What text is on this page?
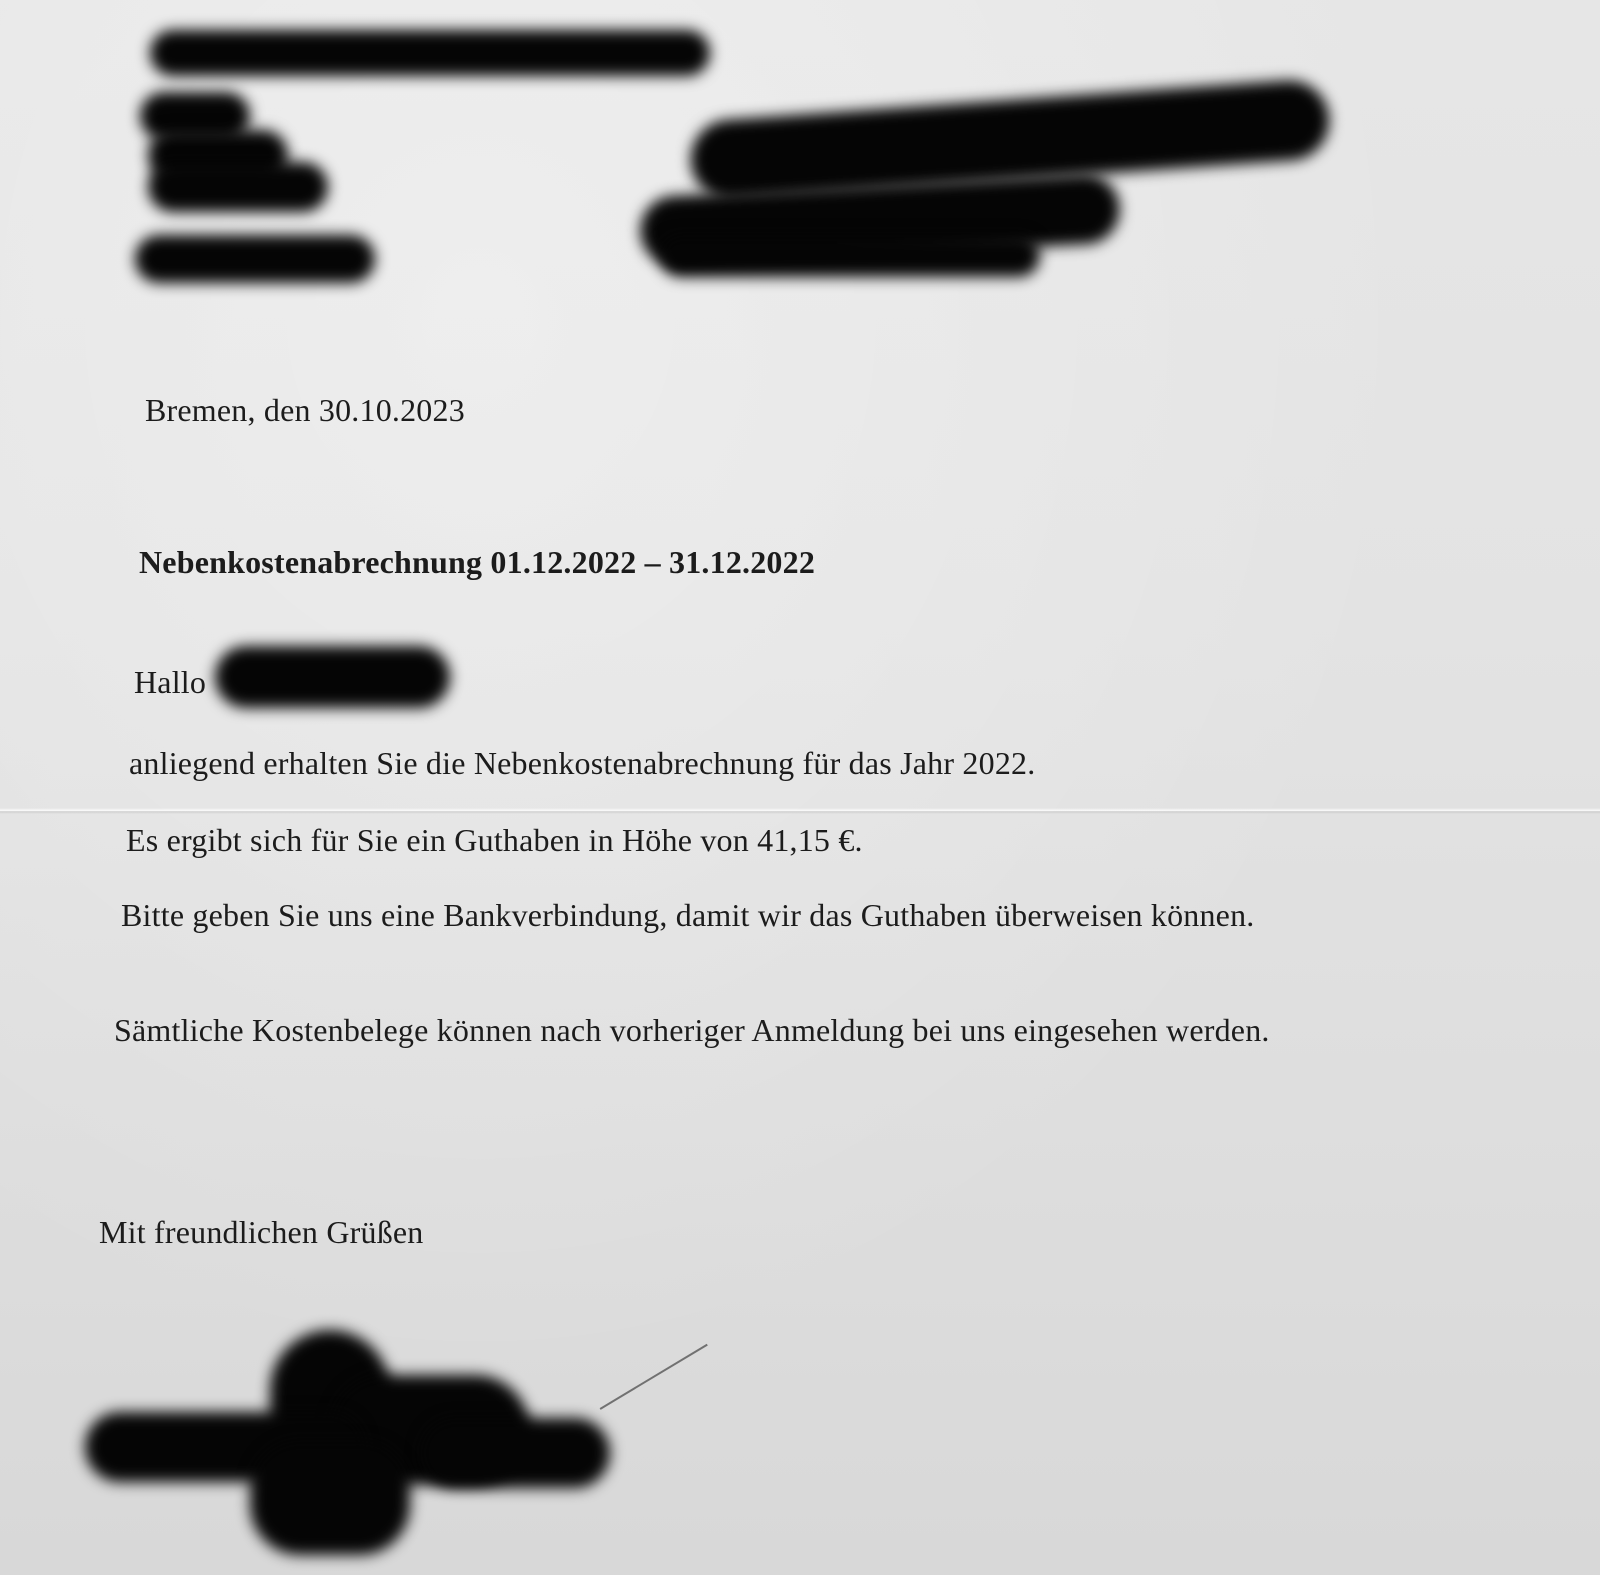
Bremen, den 30.10.2023
Nebenkostenabrechnung 01.12.2022 – 31.12.2022
Hallo
anliegend erhalten Sie die Nebenkostenabrechnung für das Jahr 2022.
Es ergibt sich für Sie ein Guthaben in Höhe von 41,15 €.
Bitte geben Sie uns eine Bankverbindung, damit wir das Guthaben überweisen können.
Sämtliche Kostenbelege können nach vorheriger Anmeldung bei uns eingesehen werden.
Mit freundlichen Grüßen
